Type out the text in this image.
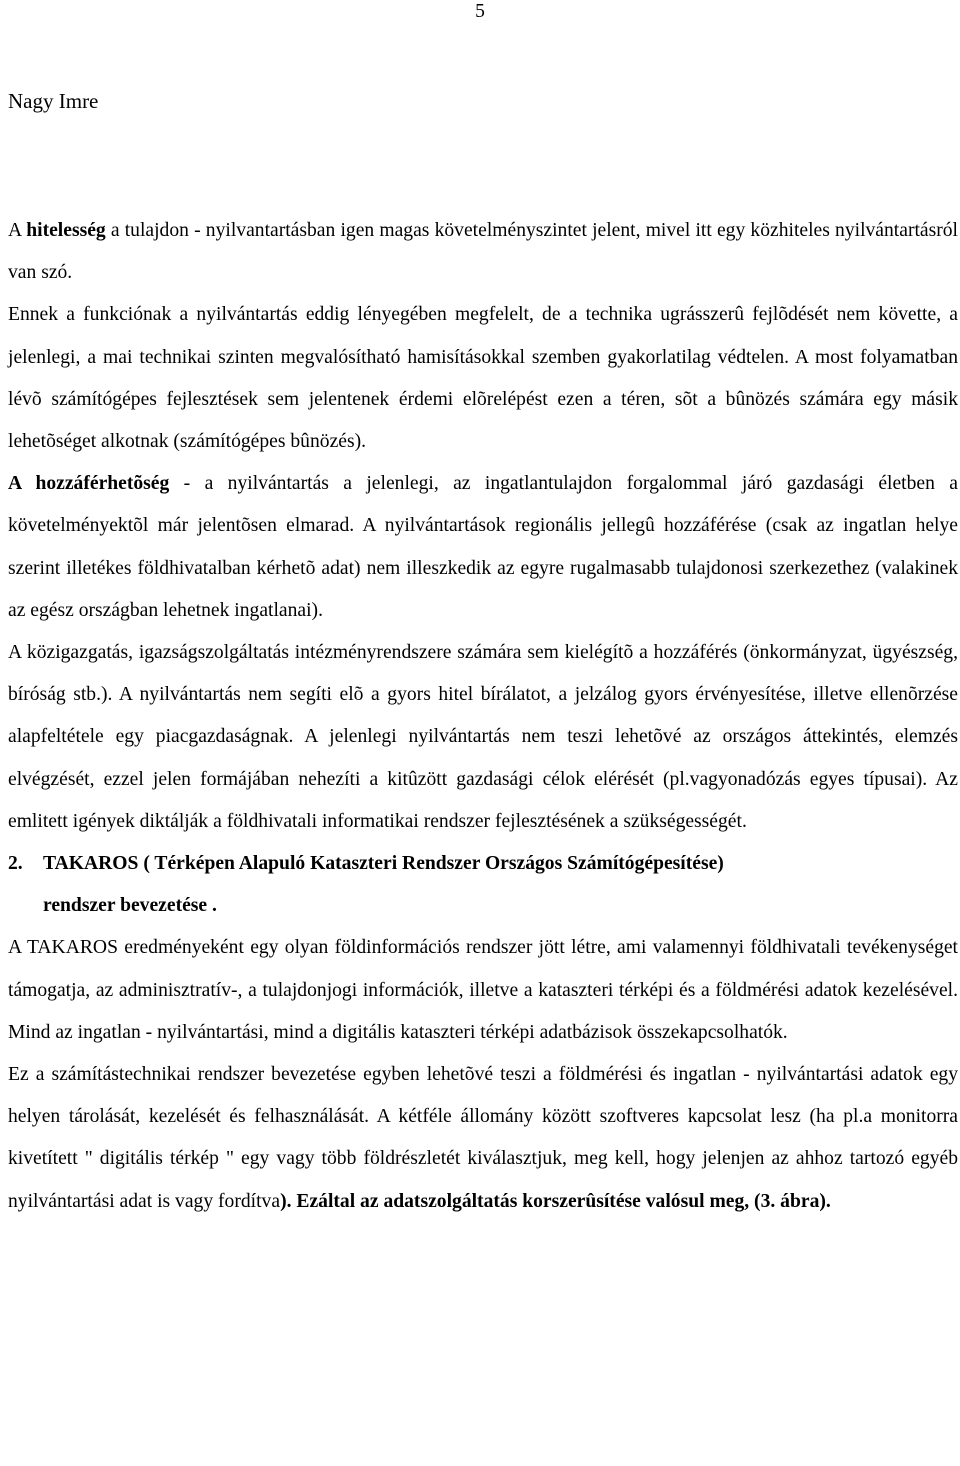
5
Nagy Imre

A hitelesség a tulajdon - nyilvantartásban igen magas követelményszintet jelent, mivel itt egy közhiteles nyilvántartásról van szó.

Ennek a funkciónak a nyilvántartás eddig lényegében megfelelt, de a technika ugrásszerû fejlõdését nem követte, a jelenlegi, a mai technikai szinten megvalósítható hamisításokkal szemben gyakorlatilag védtelen. A most folyamatban lévõ számítógépes fejlesztések sem jelentenek érdemi elõrelépést ezen a téren, sõt a bûnözés számára egy másik lehetõséget alkotnak (számítógépes bûnözés).

A hozzáférhetõség - a nyilvántartás a jelenlegi, az ingatlantulajdon forgalommal járó gazdasági életben a követelményektõl már jelentõsen elmarad. A nyilvántartások regionális jellegû hozzáférése (csak az ingatlan helye szerint illetékes földhivatalban kérhetõ adat) nem illeszkedik az egyre rugalmasabb tulajdonosi szerkezethez (valakinek az egész országban lehetnek ingatlanai).

A közigazgatás, igazságszolgáltatás intézményrendszere számára sem kielégítõ a hozzáférés (önkormányzat, ügyészség, bíróság stb.). A nyilvántartás nem segíti elõ a gyors hitel bírálatot, a jelzálog gyors érvényesítése, illetve ellenõrzése alapfeltétele egy piacgazdaságnak. A jelenlegi nyilvántartás nem teszi lehetõvé az országos áttekintés, elemzés elvégzését, ezzel jelen formájában nehezíti a kitûzött gazdasági célok elérését (pl.vagyonadózás egyes típusai). Az emlitett igények diktálják a földhivatali informatikai rendszer fejlesztésének a szükségességét.

2. TAKAROS ( Térképen Alapuló Kataszteri Rendszer Országos Számítógépesítése)
rendszer bevezetése .

A TAKAROS eredményeként egy olyan földinformációs rendszer jött létre, ami valamennyi földhivatali tevékenységet támogatja, az adminisztratív-, a tulajdonjogi információk, illetve a kataszteri térképi és a földmérési adatok kezelésével. Mind az ingatlan - nyilvántartási, mind a digitális kataszteri térképi adatbázisok összekapcsolhatók.

Ez a számítástechnikai rendszer bevezetése egyben lehetõvé teszi a földmérési és ingatlan - nyilvántartási adatok egy helyen tárolását, kezelését és felhasználását. A kétféle állomány között szoftveres kapcsolat lesz (ha pl.a monitorra kivetített " digitális térkép " egy vagy több földrészletét kiválasztjuk, meg kell, hogy jelenjen az ahhoz tartozó egyéb nyilvántartási adat is vagy fordítva). Ezáltal az adatszolgáltatás korszerûsítése valósul meg, (3. ábra).
